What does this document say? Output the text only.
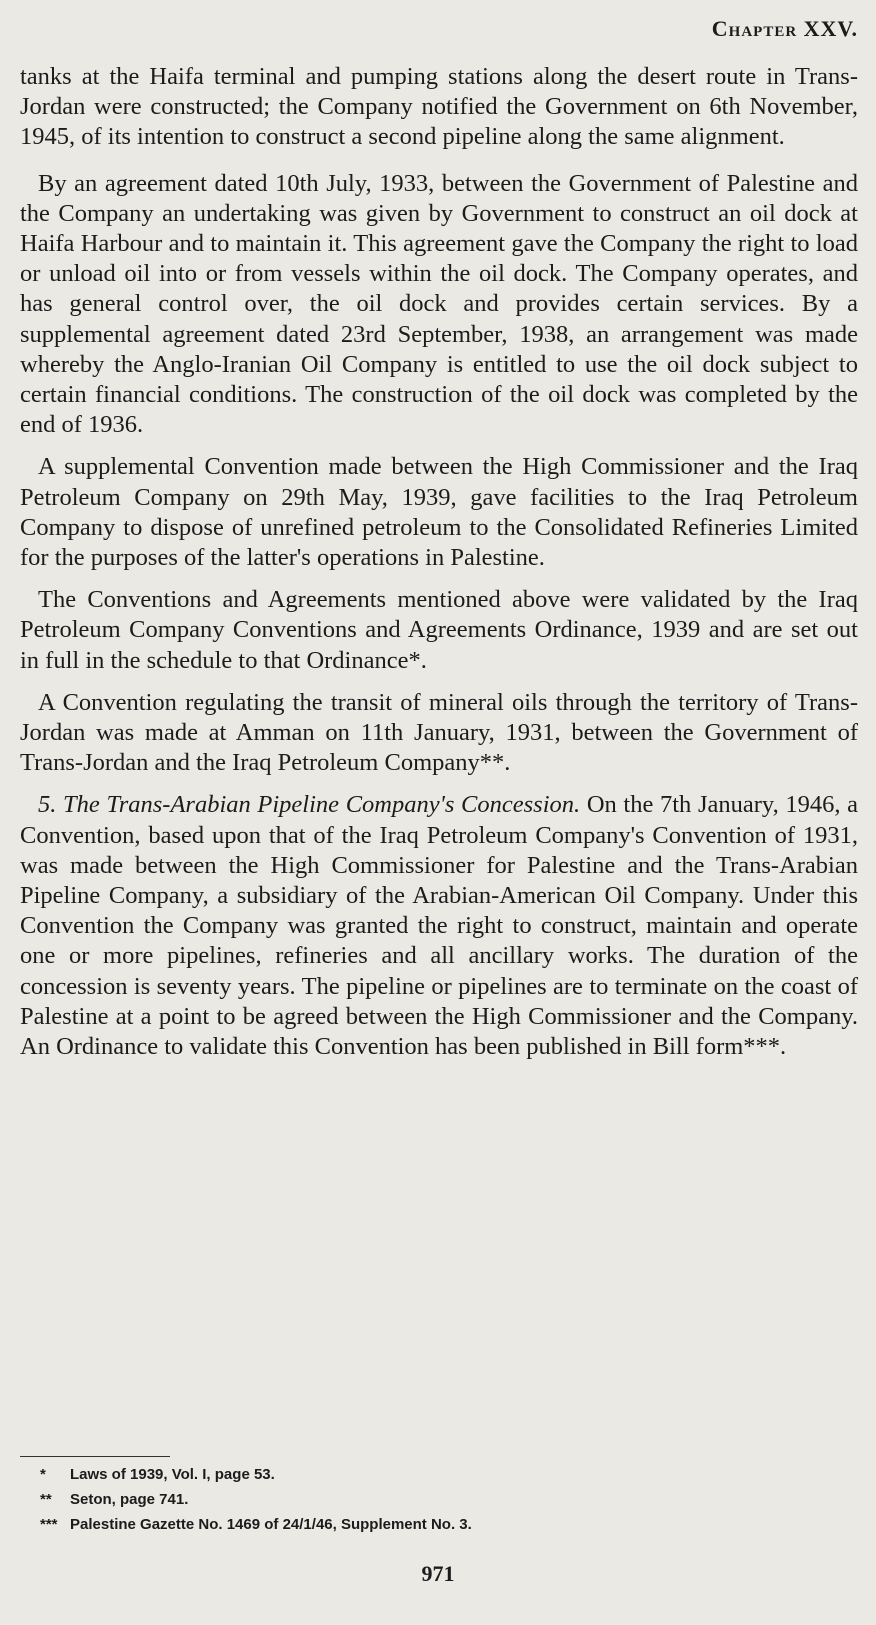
Chapter XXV.

tanks at the Haifa terminal and pumping stations along the desert route in Trans-Jordan were constructed; the Company notified the Government on 6th November, 1945, of its intention to construct a second pipeline along the same alignment.

By an agreement dated 10th July, 1933, between the Government of Palestine and the Company an undertaking was given by Government to construct an oil dock at Haifa Harbour and to maintain it. This agreement gave the Company the right to load or unload oil into or from vessels within the oil dock. The Company operates, and has general control over, the oil dock and provides certain services. By a supplemental agreement dated 23rd September, 1938, an arrangement was made whereby the Anglo-Iranian Oil Company is entitled to use the oil dock subject to certain financial conditions. The construction of the oil dock was completed by the end of 1936.

A supplemental Convention made between the High Commissioner and the Iraq Petroleum Company on 29th May, 1939, gave facilities to the Iraq Petroleum Company to dispose of unrefined petroleum to the Consolidated Refineries Limited for the purposes of the latter's operations in Palestine.

The Conventions and Agreements mentioned above were validated by the Iraq Petroleum Company Conventions and Agreements Ordinance, 1939 and are set out in full in the schedule to that Ordinance*.

A Convention regulating the transit of mineral oils through the territory of Trans-Jordan was made at Amman on 11th January, 1931, between the Government of Trans-Jordan and the Iraq Petroleum Company**.

5. The Trans-Arabian Pipeline Company's Concession. On the 7th January, 1946, a Convention, based upon that of the Iraq Petroleum Company's Convention of 1931, was made between the High Commissioner for Palestine and the Trans-Arabian Pipeline Company, a subsidiary of the Arabian-American Oil Company. Under this Convention the Company was granted the right to construct, maintain and operate one or more pipelines, refineries and all ancillary works. The duration of the concession is seventy years. The pipeline or pipelines are to terminate on the coast of Palestine at a point to be agreed between the High Commissioner and the Company. An Ordinance to validate this Convention has been published in Bill form***.

*	Laws of 1939, Vol. I, page 53.
**	Seton, page 741.
*** Palestine Gazette No. 1469 of 24/1/46, Supplement No. 3.
971
